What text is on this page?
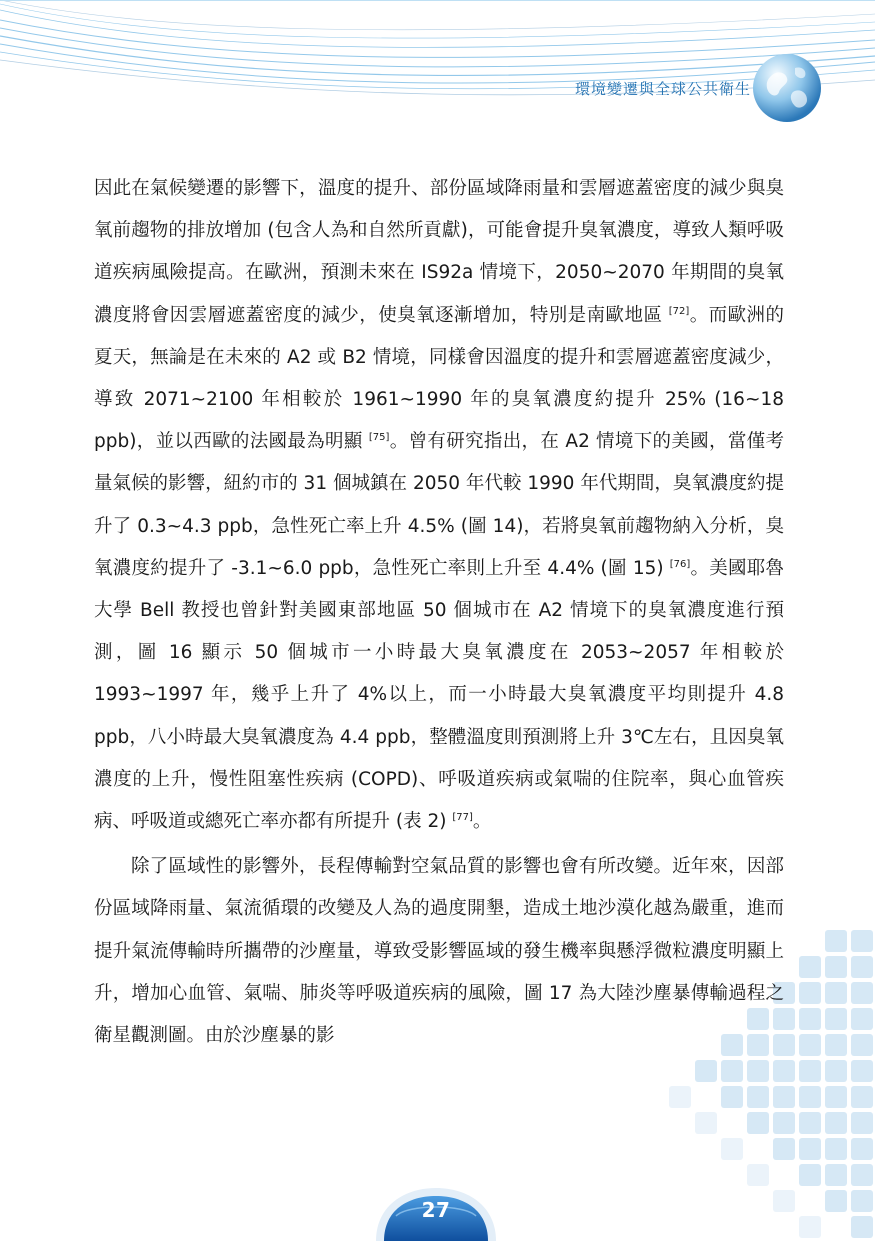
環境變遷與全球公共衛生

因此在氣候變遷的影響下，溫度的提升、部份區域降雨量和雲層遮蓋密度的減少與臭氧前趨物的排放增加 (包含人為和自然所貢獻)，可能會提升臭氧濃度，導致人類呼吸道疾病風險提高。在歐洲，預測未來在 IS92a 情境下，2050~2070 年期間的臭氧濃度將會因雲層遮蓋密度的減少，使臭氧逐漸增加，特別是南歐地區 [72]。而歐洲的夏天，無論是在未來的 A2 或 B2 情境，同樣會因溫度的提升和雲層遮蓋密度減少，導致 2071~2100 年相較於 1961~1990 年的臭氧濃度約提升 25% (16~18 ppb)，並以西歐的法國最為明顯 [75]。曾有研究指出，在 A2 情境下的美國，當僅考量氣候的影響，紐約市的 31 個城鎮在 2050 年代較 1990 年代期間，臭氧濃度約提升了 0.3~4.3 ppb，急性死亡率上升 4.5% (圖 14)，若將臭氧前趨物納入分析，臭氧濃度約提升了 -3.1~6.0 ppb，急性死亡率則上升至 4.4% (圖 15) [76]。美國耶魯大學 Bell 教授也曾針對美國東部地區 50 個城市在 A2 情境下的臭氧濃度進行預測，圖 16 顯示 50 個城市一小時最大臭氧濃度在 2053~2057 年相較於 1993~1997 年，幾乎上升了 4%以上，而一小時最大臭氧濃度平均則提升 4.8 ppb，八小時最大臭氧濃度為 4.4 ppb，整體溫度則預測將上升 3℃左右，且因臭氧濃度的上升，慢性阻塞性疾病 (COPD)、呼吸道疾病或氣喘的住院率，與心血管疾病、呼吸道或總死亡率亦都有所提升 (表 2) [77]。

除了區域性的影響外，長程傳輸對空氣品質的影響也會有所改變。近年來，因部份區域降雨量、氣流循環的改變及人為的過度開墾，造成土地沙漠化越為嚴重，進而提升氣流傳輸時所攜帶的沙塵量，導致受影響區域的發生機率與懸浮微粒濃度明顯上升，增加心血管、氣喘、肺炎等呼吸道疾病的風險，圖 17 為大陸沙塵暴傳輸過程之衛星觀測圖。由於沙塵暴的影

27
